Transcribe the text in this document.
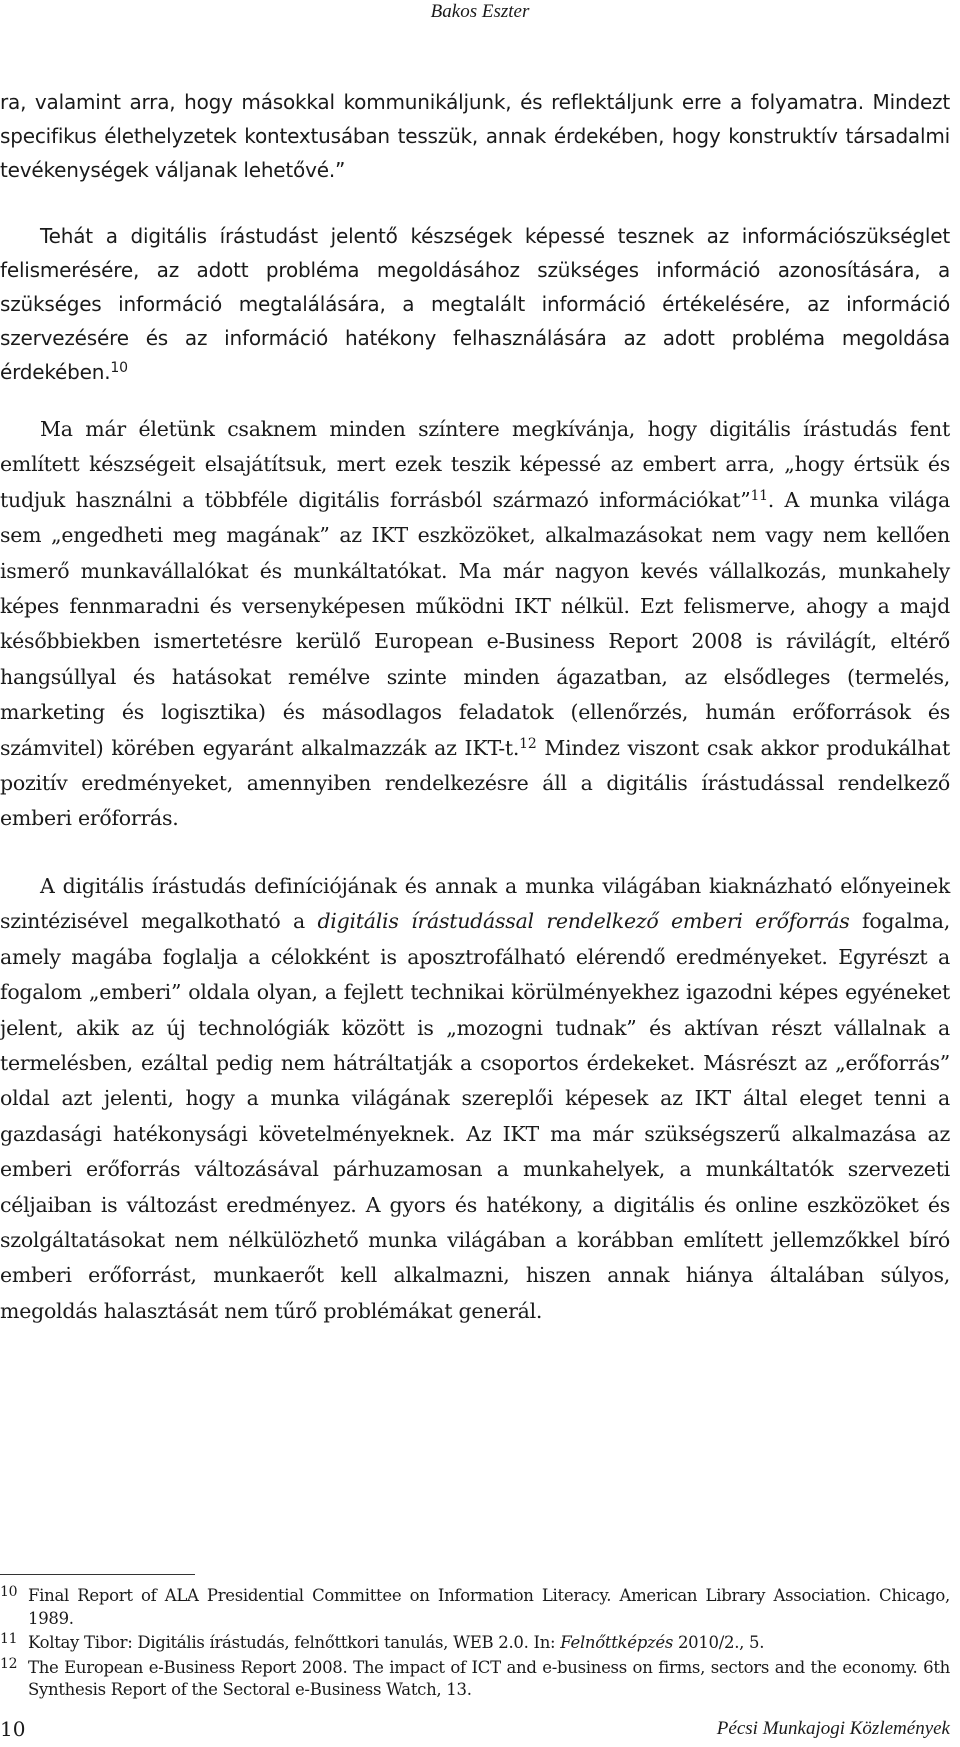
Bakos Eszter

ra, valamint arra, hogy másokkal kommunikáljunk, és reflektáljunk erre a folyamatra. Mindezt specifikus élethelyzetek kontextusában tesszük, annak érdekében, hogy konstruktív társadalmi tevékenységek váljanak lehetővé.”

Tehát a digitális írástudást jelentő készségek képessé tesznek az információszükséglet felismerésére, az adott probléma megoldásához szükséges információ azonosítására, a szükséges információ megtalálására, a megtalált információ értékelésére, az információ szervezésére és az információ hatékony felhasználására az adott probléma megoldása érdekében.$^{10}$

Ma már életünk csaknem minden színtere megkívánja, hogy digitális írástudás fent említett készségeit elsajátítsuk, mert ezek teszik képessé az embert arra, „hogy értsük és tudjuk használni a többféle digitális forrásból származó információkat”$^{11}$. A munka világa sem „engedheti meg magának” az IKT eszközöket, alkalmazásokat nem vagy nem kellően ismerő munkavállalókat és munkáltatókat. Ma már nagyon kevés vállalkozás, munkahely képes fennmaradni és versenyképesen működni IKT nélkül. Ezt felismerve, ahogy a majd későbbiekben ismertetésre kerülő European e-Business Report 2008 is rávilágít, eltérő hangsúllyal és hatásokat remélve szinte minden ágazatban, az elsődleges (termelés, marketing és logisztika) és másodlagos feladatok (ellenőrzés, humán erőforrások és számvitel) körében egyaránt alkalmazzák az IKT-t.$^{12}$ Mindez viszont csak akkor produkálhat pozitív eredményeket, amennyiben rendelkezésre áll a digitális írástudással rendelkező emberi erőforrás.

A digitális írástudás definíciójának és annak a munka világában kiaknázható előnyeinek szintézisével megalkotható a digitális írástudással rendelkező emberi erőforrás fogalma, amely magába foglalja a célokként is aposztrofálható elérendő eredményeket. Egyrészt a fogalom „emberi” oldala olyan, a fejlett technikai körülményekhez igazodni képes egyéneket jelent, akik az új technológiák között is „mozogni tudnak” és aktívan részt vállalnak a termelésben, ezáltal pedig nem hátráltatják a csoportos érdekeket. Másrészt az „erőforrás” oldal azt jelenti, hogy a munka világának szereplői képesek az IKT által eleget tenni a gazdasági hatékonysági követelményeknek. Az IKT ma már szükségszerű alkalmazása az emberi erőforrás változásával párhuzamosan a munkahelyek, a munkáltatók szervezeti céljaiban is változást eredményez. A gyors és hatékony, a digitális és online eszközöket és szolgáltatásokat nem nélkülözhető munka világában a korábban említett jellemzőkkel bíró emberi erőforrást, munkaerőt kell alkalmazni, hiszen annak hiánya általában súlyos, megoldás halasztását nem tűrő problémákat generál.

10 Final Report of ALA Presidential Committee on Information Literacy. American Library Association. Chicago, 1989.
11 Koltay Tibor: Digitális írástudás, felnőttkori tanulás, WEB 2.0. In: Felnőttképzés 2010/2., 5.
12 The European e-Business Report 2008. The impact of ICT and e-business on firms, sectors and the economy. 6th Synthesis Report of the Sectoral e-Business Watch, 13.
10	Pécsi Munkajogi Közlemények
